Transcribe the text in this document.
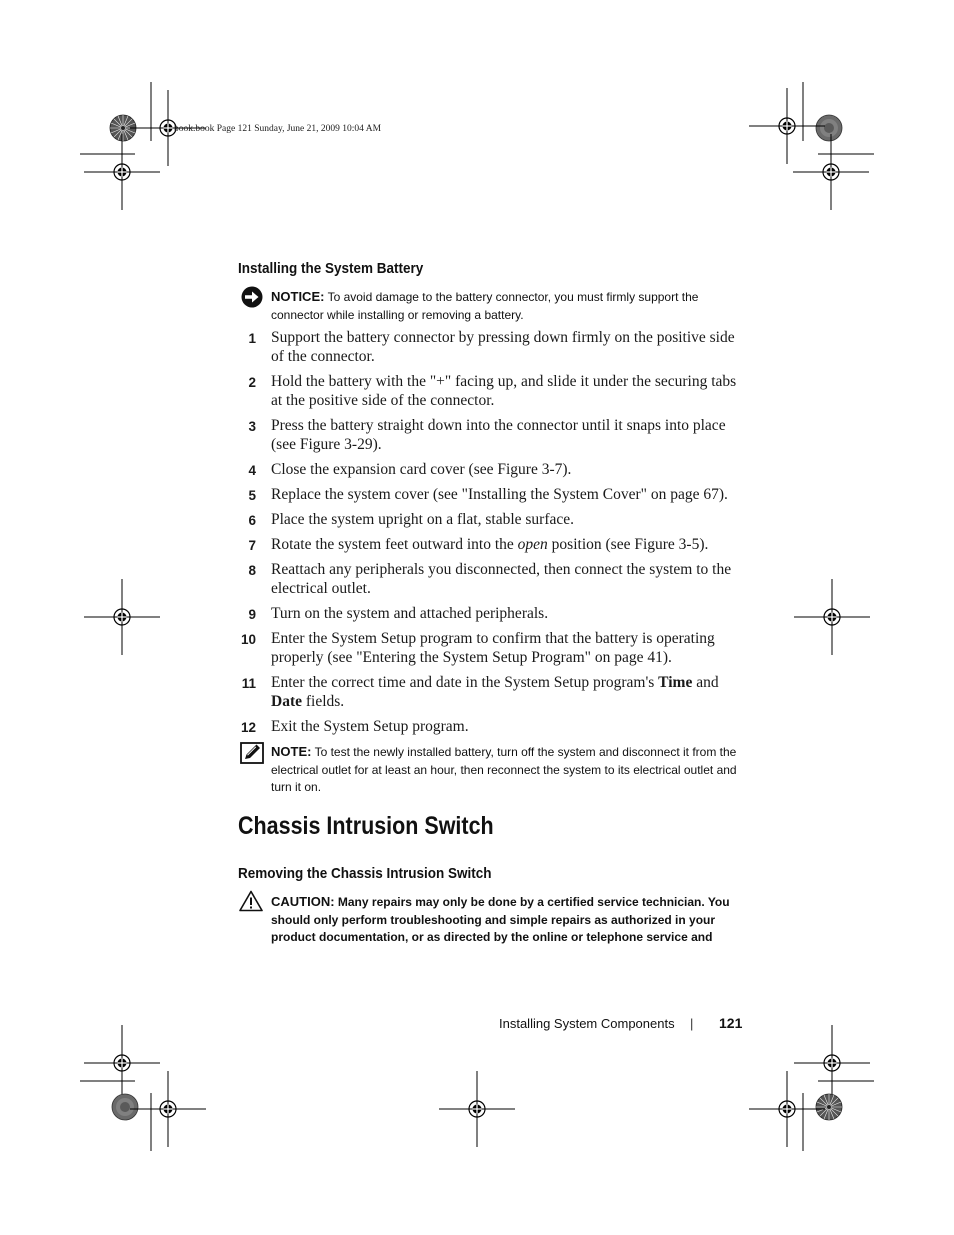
book.book Page 121 Sunday, June 21, 2009 10:04 AM
Installing the System Battery
NOTICE: To avoid damage to the battery connector, you must firmly support the connector while installing or removing a battery.
1 Support the battery connector by pressing down firmly on the positive side of the connector.
2 Hold the battery with the "+" facing up, and slide it under the securing tabs at the positive side of the connector.
3 Press the battery straight down into the connector until it snaps into place (see Figure 3-29).
4 Close the expansion card cover (see Figure 3-7).
5 Replace the system cover (see "Installing the System Cover" on page 67).
6 Place the system upright on a flat, stable surface.
7 Rotate the system feet outward into the open position (see Figure 3-5).
8 Reattach any peripherals you disconnected, then connect the system to the electrical outlet.
9 Turn on the system and attached peripherals.
10 Enter the System Setup program to confirm that the battery is operating properly (see "Entering the System Setup Program" on page 41).
11 Enter the correct time and date in the System Setup program's Time and Date fields.
12 Exit the System Setup program.
NOTE: To test the newly installed battery, turn off the system and disconnect it from the electrical outlet for at least an hour, then reconnect the system to its electrical outlet and turn it on.
Chassis Intrusion Switch
Removing the Chassis Intrusion Switch
CAUTION: Many repairs may only be done by a certified service technician. You should only perform troubleshooting and simple repairs as authorized in your product documentation, or as directed by the online or telephone service and
Installing System Components | 121
